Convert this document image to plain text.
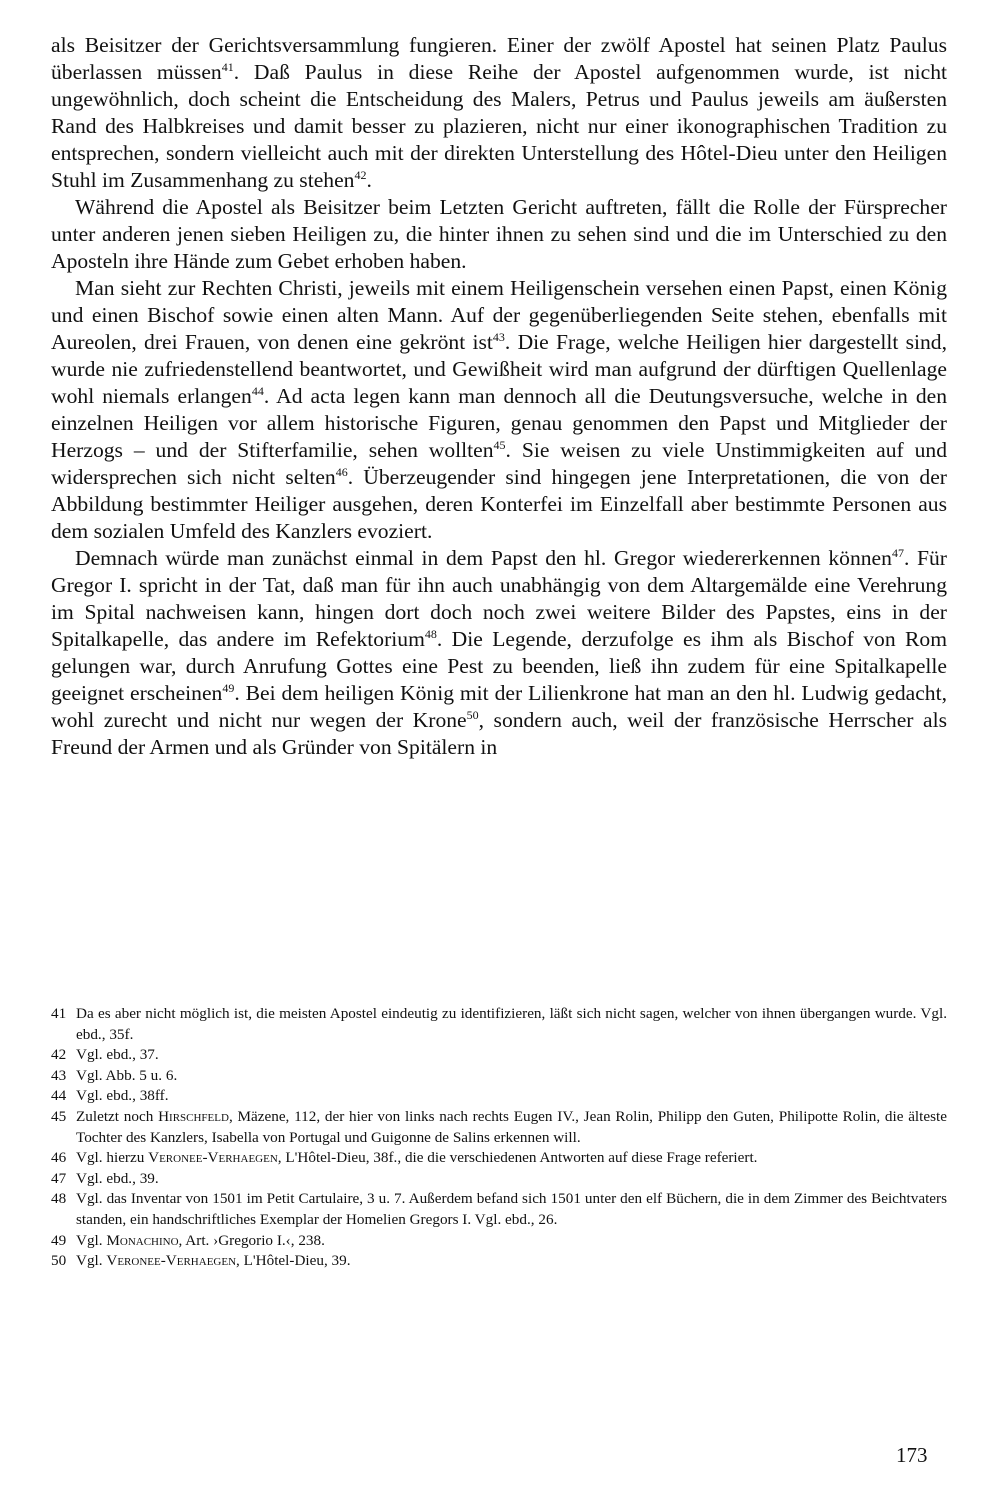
als Beisitzer der Gerichtsversammlung fungieren. Einer der zwölf Apostel hat seinen Platz Paulus überlassen müssen$^{41}$. Daß Paulus in diese Reihe der Apostel aufgenommen wurde, ist nicht ungewöhnlich, doch scheint die Entscheidung des Malers, Petrus und Paulus jeweils am äußersten Rand des Halbkreises und damit besser zu plazieren, nicht nur einer ikonographischen Tradition zu entsprechen, sondern vielleicht auch mit der direkten Unterstellung des Hôtel-Dieu unter den Heiligen Stuhl im Zusammenhang zu stehen$^{42}$.

Während die Apostel als Beisitzer beim Letzten Gericht auftreten, fällt die Rolle der Fürsprecher unter anderen jenen sieben Heiligen zu, die hinter ihnen zu sehen sind und die im Unterschied zu den Aposteln ihre Hände zum Gebet erhoben haben.

Man sieht zur Rechten Christi, jeweils mit einem Heiligenschein versehen einen Papst, einen König und einen Bischof sowie einen alten Mann. Auf der gegenüberliegenden Seite stehen, ebenfalls mit Aureolen, drei Frauen, von denen eine gekrönt ist$^{43}$. Die Frage, welche Heiligen hier dargestellt sind, wurde nie zufriedenstellend beantwortet, und Gewißheit wird man aufgrund der dürftigen Quellenlage wohl niemals erlangen$^{44}$. Ad acta legen kann man dennoch all die Deutungsversuche, welche in den einzelnen Heiligen vor allem historische Figuren, genau genommen den Papst und Mitglieder der Herzogs – und der Stifterfamilie, sehen wollten$^{45}$. Sie weisen zu viele Unstimmigkeiten auf und widersprechen sich nicht selten$^{46}$. Überzeugender sind hingegen jene Interpretationen, die von der Abbildung bestimmter Heiliger ausgehen, deren Konterfei im Einzelfall aber bestimmte Personen aus dem sozialen Umfeld des Kanzlers evoziert.

Demnach würde man zunächst einmal in dem Papst den hl. Gregor wiedererkennen können$^{47}$. Für Gregor I. spricht in der Tat, daß man für ihn auch unabhängig von dem Altargemälde eine Verehrung im Spital nachweisen kann, hingen dort doch noch zwei weitere Bilder des Papstes, eins in der Spitalkapelle, das andere im Refektorium$^{48}$. Die Legende, derzufolge es ihm als Bischof von Rom gelungen war, durch Anrufung Gottes eine Pest zu beenden, ließ ihn zudem für eine Spitalkapelle geeignet erscheinen$^{49}$. Bei dem heiligen König mit der Lilienkrone hat man an den hl. Ludwig gedacht, wohl zurecht und nicht nur wegen der Krone$^{50}$, sondern auch, weil der französische Herrscher als Freund der Armen und als Gründer von Spitälern in

41 Da es aber nicht möglich ist, die meisten Apostel eindeutig zu identifizieren, läßt sich nicht sagen, welcher von ihnen übergangen wurde. Vgl. ebd., 35f.
42 Vgl. ebd., 37.
43 Vgl. Abb. 5 u. 6.
44 Vgl. ebd., 38ff.
45 Zuletzt noch Hirschfeld, Mäzene, 112, der hier von links nach rechts Eugen IV., Jean Rolin, Philipp den Guten, Philipotte Rolin, die älteste Tochter des Kanzlers, Isabella von Portugal und Guigonne de Salins erkennen will.
46 Vgl. hierzu Veronee-Verhaegen, L'Hôtel-Dieu, 38f., die die verschiedenen Antworten auf diese Frage referiert.
47 Vgl. ebd., 39.
48 Vgl. das Inventar von 1501 im Petit Cartulaire, 3 u. 7. Außerdem befand sich 1501 unter den elf Büchern, die in dem Zimmer des Beichtvaters standen, ein handschriftliches Exemplar der Homelien Gregors I. Vgl. ebd., 26.
49 Vgl. Monachino, Art. ›Gregorio I.‹, 238.
50 Vgl. Veronee-Verhaegen, L'Hôtel-Dieu, 39.
173
